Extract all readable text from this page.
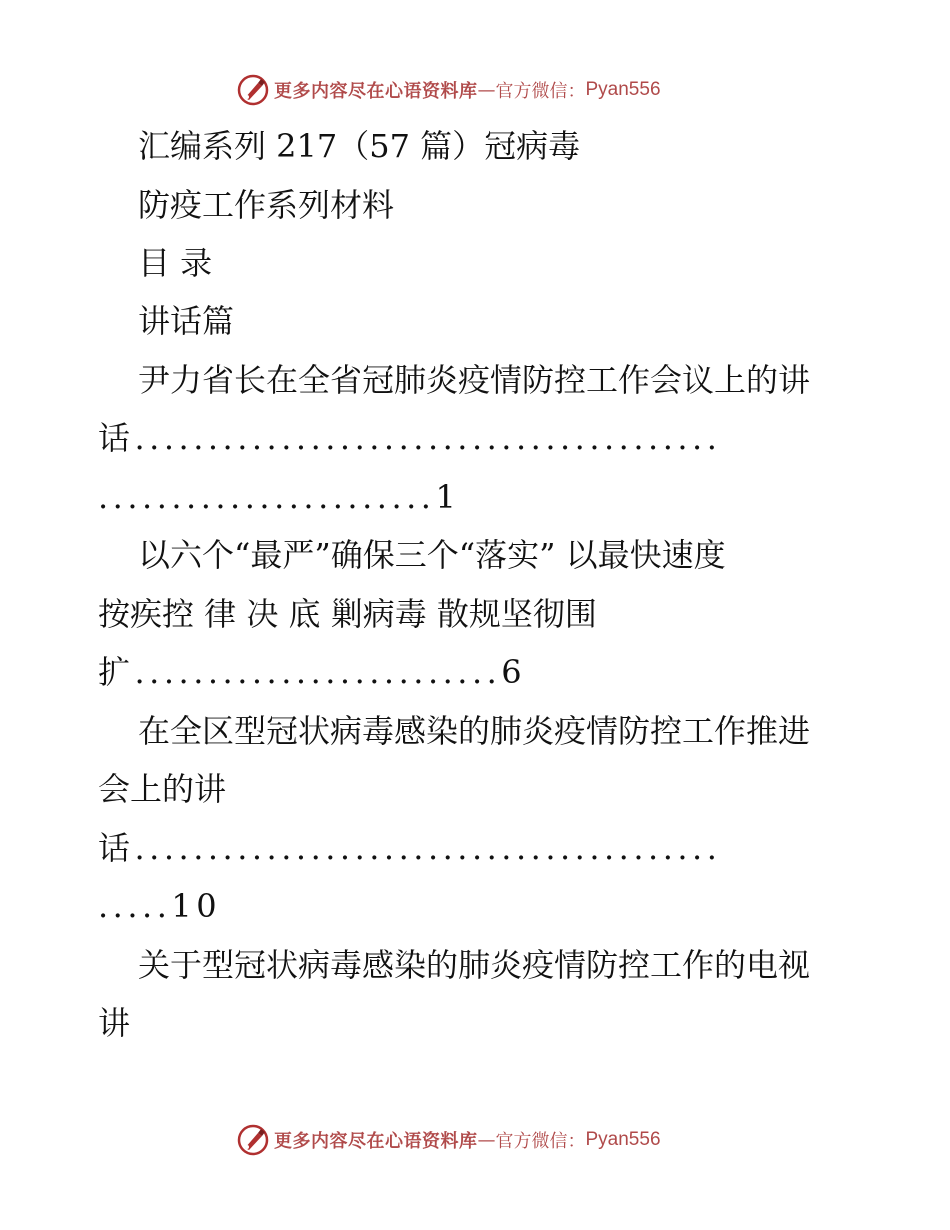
更多内容尽在心语资料库 — 官方微信： Pyan556
汇编系列 217（57 篇）冠病毒
防疫工作系列材料
目 录
讲话篇
尹力省长在全省冠肺炎疫情防控工作会议上的讲
话........................................
.......................1
以六个“最严”确保三个“落实” 以最快速度
按疾控 律 决 底 剿病毒 散规坚彻围
扩.........................6
在全区型冠状病毒感染的肺炎疫情防控工作推进
会上的讲
话........................................
.....10
关于型冠状病毒感染的肺炎疫情防控工作的电视
讲
更多内容尽在心语资料库 — 官方微信： Pyan556
